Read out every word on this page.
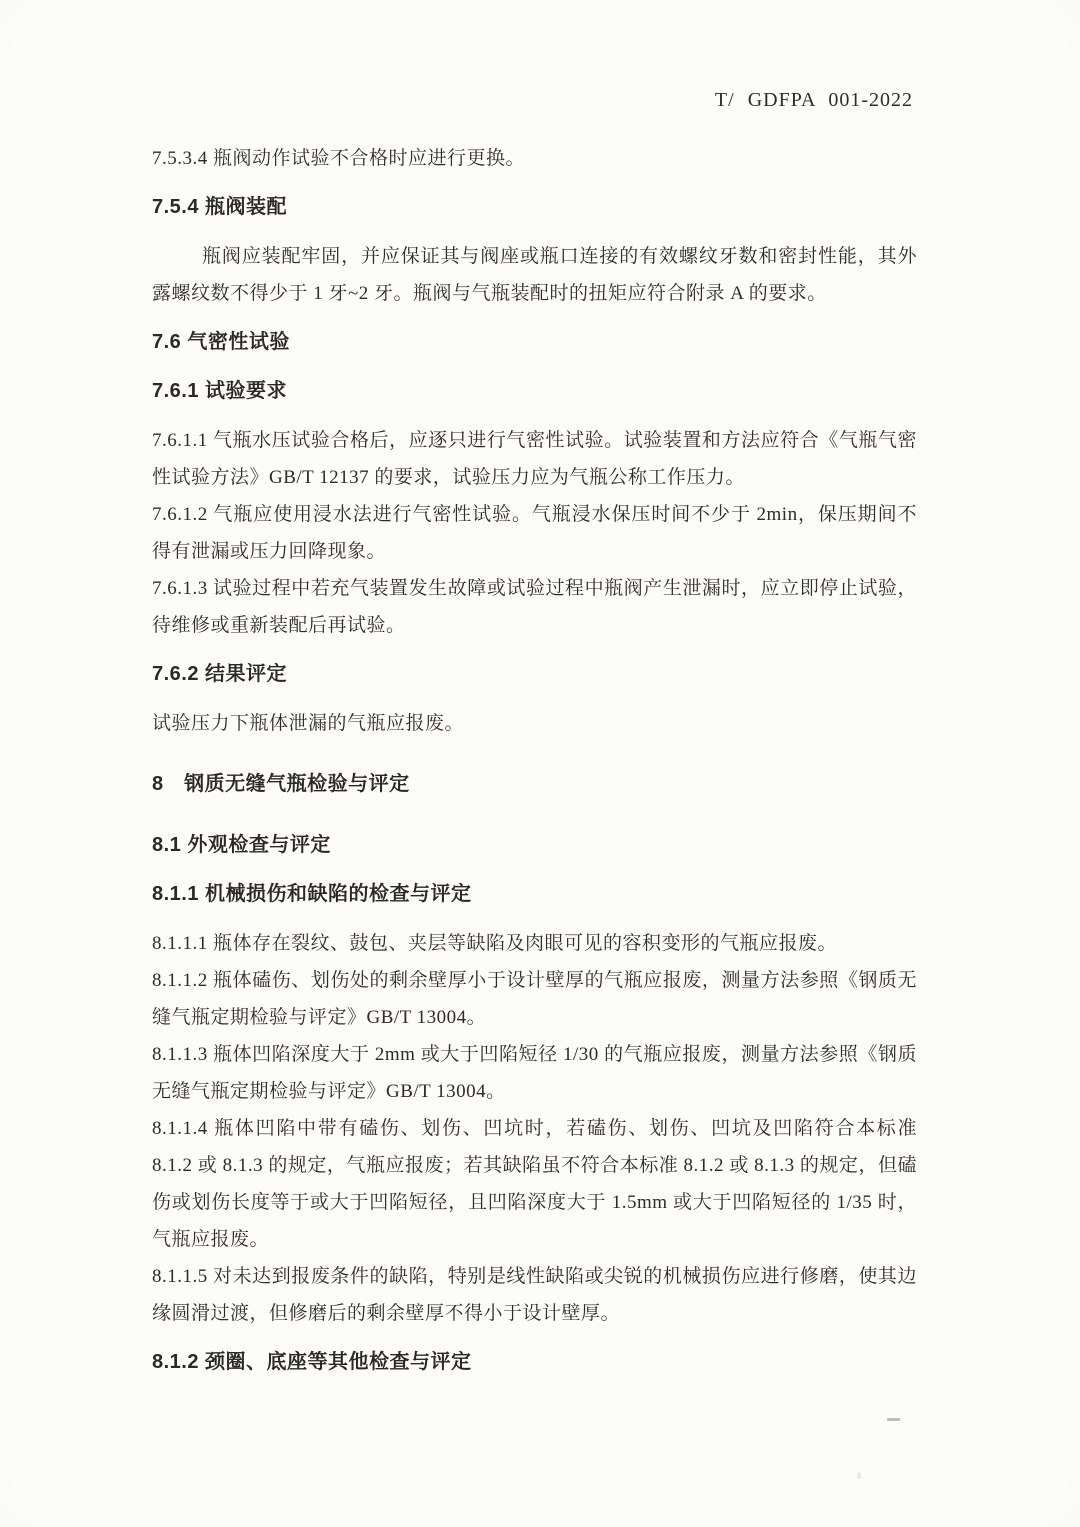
T/ GDFPA 001-2022

7.5.3.4 瓶阀动作试验不合格时应进行更换。

7.5.4 瓶阀装配

瓶阀应装配牢固，并应保证其与阀座或瓶口连接的有效螺纹牙数和密封性能，其外露螺纹数不得少于 1 牙~2 牙。瓶阀与气瓶装配时的扭矩应符合附录 A 的要求。

7.6 气密性试验

7.6.1 试验要求

7.6.1.1 气瓶水压试验合格后，应逐只进行气密性试验。试验装置和方法应符合《气瓶气密性试验方法》GB/T 12137 的要求，试验压力应为气瓶公称工作压力。

7.6.1.2 气瓶应使用浸水法进行气密性试验。气瓶浸水保压时间不少于 2min，保压期间不得有泄漏或压力回降现象。

7.6.1.3 试验过程中若充气装置发生故障或试验过程中瓶阀产生泄漏时，应立即停止试验，待维修或重新装配后再试验。

7.6.2 结果评定

试验压力下瓶体泄漏的气瓶应报废。

8　钢质无缝气瓶检验与评定

8.1 外观检查与评定

8.1.1 机械损伤和缺陷的检查与评定

8.1.1.1 瓶体存在裂纹、鼓包、夹层等缺陷及肉眼可见的容积变形的气瓶应报废。

8.1.1.2 瓶体磕伤、划伤处的剩余壁厚小于设计壁厚的气瓶应报废，测量方法参照《钢质无缝气瓶定期检验与评定》GB/T 13004。

8.1.1.3 瓶体凹陷深度大于 2mm 或大于凹陷短径 1/30 的气瓶应报废，测量方法参照《钢质无缝气瓶定期检验与评定》GB/T 13004。

8.1.1.4 瓶体凹陷中带有磕伤、划伤、凹坑时，若磕伤、划伤、凹坑及凹陷符合本标准 8.1.2 或 8.1.3 的规定，气瓶应报废；若其缺陷虽不符合本标准 8.1.2 或 8.1.3 的规定，但磕伤或划伤长度等于或大于凹陷短径，且凹陷深度大于 1.5mm 或大于凹陷短径的 1/35 时，气瓶应报废。

8.1.1.5 对未达到报废条件的缺陷，特别是线性缺陷或尖锐的机械损伤应进行修磨，使其边缘圆滑过渡，但修磨后的剩余壁厚不得小于设计壁厚。

8.1.2 颈圈、底座等其他检查与评定
